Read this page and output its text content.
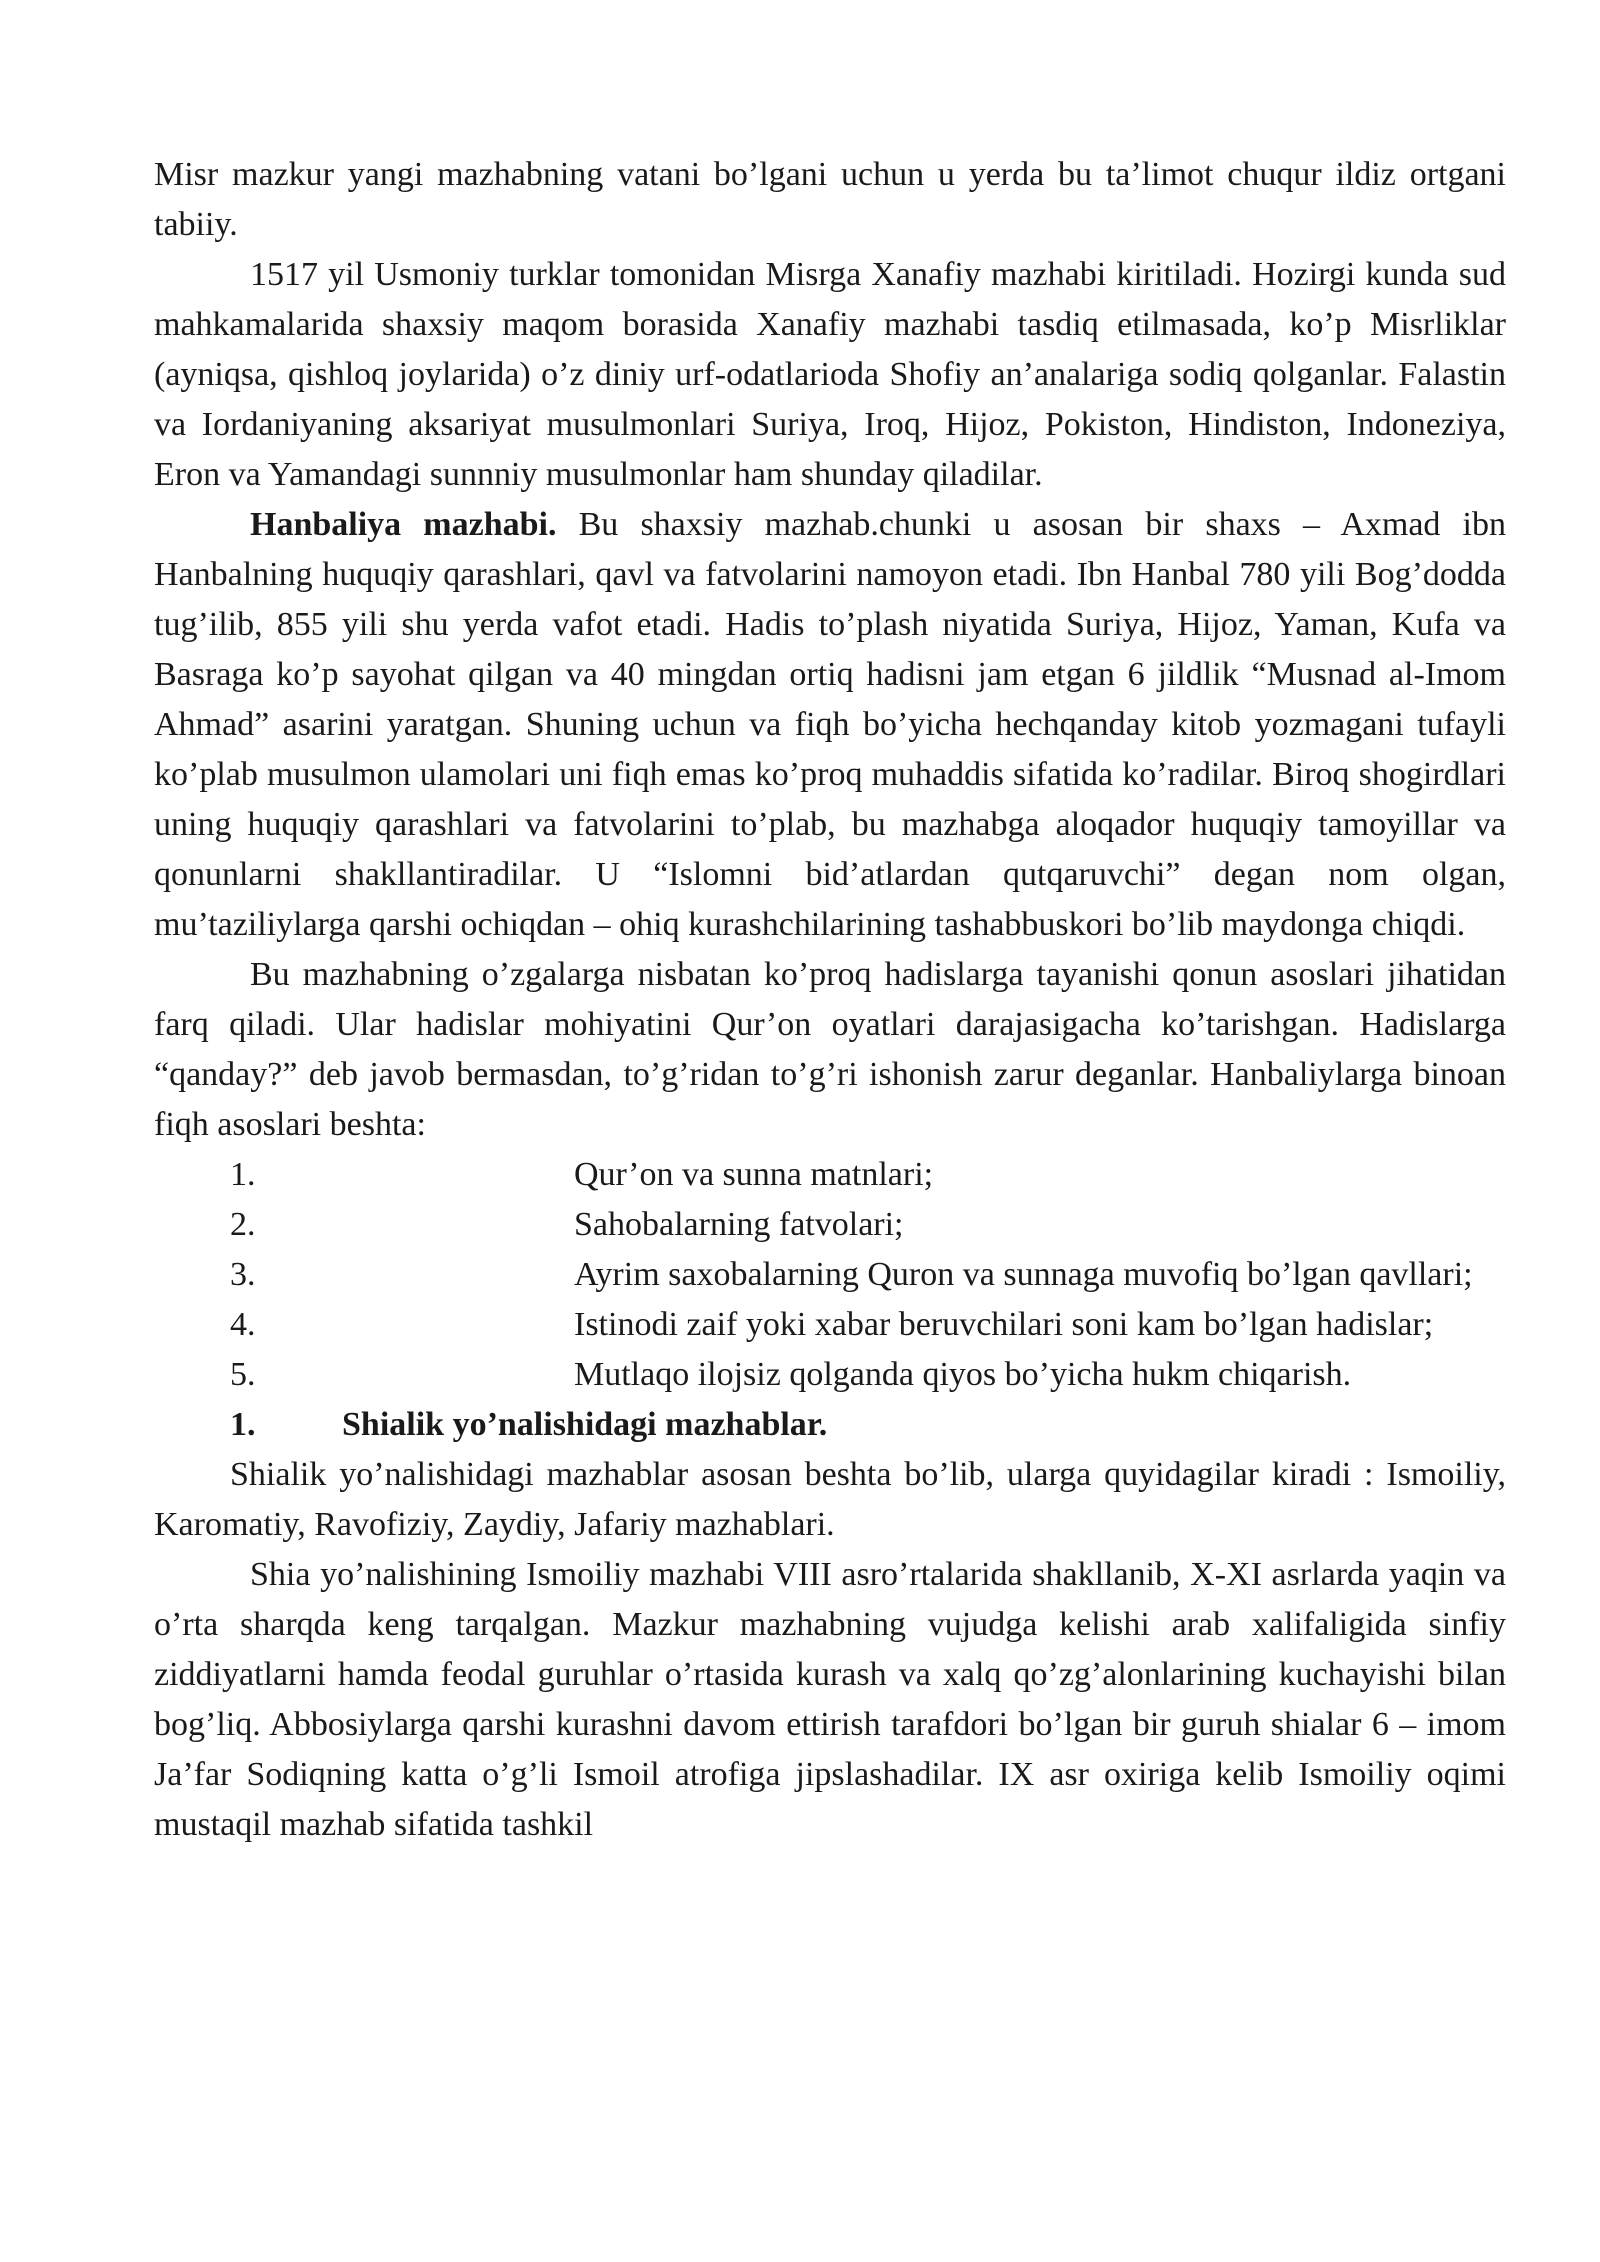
Misr mazkur yangi mazhabning vatani bo’lgani uchun u yerda bu ta’limot chuqur ildiz ortgani tabiiy.

1517 yil Usmoniy turklar tomonidan Misrga Xanafiy mazhabi kiritiladi. Hozirgi kunda sud mahkamalarida shaxsiy maqom borasida Xanafiy mazhabi tasdiq etilmasada, ko’p Misrliklar (ayniqsa, qishloq joylarida) o’z diniy urf-odatlarioda Shofiy an’analariga sodiq qolganlar. Falastin va Iordaniyaning aksariyat musulmonlari Suriya, Iroq, Hijoz, Pokiston, Hindiston, Indoneziya, Eron va Yamandagi sunnniy musulmonlar ham shunday qiladilar.

Hanbaliya mazhabi. Bu shaxsiy mazhab.chunki u asosan bir shaxs – Axmad ibn Hanbalning huquqiy qarashlari, qavl va fatvolarini namoyon etadi. Ibn Hanbal 780 yili Bog’dodda tug’ilib, 855 yili shu yerda vafot etadi. Hadis to’plash niyatida Suriya, Hijoz, Yaman, Kufa va Basraga ko’p sayohat qilgan va 40 mingdan ortiq hadisni jam etgan 6 jildlik “Musnad al-Imom Ahmad” asarini yaratgan. Shuning uchun va fiqh bo’yicha hechqanday kitob yozmagani tufayli ko’plab musulmon ulamolari uni fiqh emas ko’proq muhaddis sifatida ko’radilar. Biroq shogirdlari uning huquqiy qarashlari va fatvolarini to’plab, bu mazhabga aloqador huquqiy tamoyillar va qonunlarni shakllantiradilar. U “Islomni bid’atlardan qutqaruvchi” degan nom olgan, mu’taziliylarga qarshi ochiqdan – ohiq kurashchilarining tashabbuskori bo’lib maydonga chiqdi.

Bu mazhabning o’zgalarga nisbatan ko’proq hadislarga tayanishi qonun asoslari jihatidan farq qiladi. Ular hadislar mohiyatini Qur’on oyatlari darajasigacha ko’tarishgan. Hadislarga “qanday?” deb javob bermasdan, to’g’ridan to’g’ri ishonish zarur deganlar. Hanbaliylarga binoan fiqh asoslari beshta:

1.	Qur’on va sunna matnlari;

2.	Sahobalarning fatvolari;

3.	Ayrim saxobalarning Quron va sunnaga muvofiq bo’lgan qavllari;

4.	Istinodi zaif yoki xabar beruvchilari soni kam bo’lgan hadislar;

5.	Mutlaqo ilojsiz qolganda qiyos bo’yicha hukm chiqarish.

1.	Shialik yo’nalishidagi mazhablar.

Shialik yo’nalishidagi mazhablar asosan beshta bo’lib, ularga quyidagilar kiradi : Ismoiliy, Karomatiy, Ravofiziy, Zaydiy, Jafariy mazhablari.

Shia yo’nalishining Ismoiliy mazhabi VIII asro’rtalarida shakllanib, X-XI asrlarda yaqin va o’rta sharqda keng tarqalgan. Mazkur mazhabning vujudga kelishi arab xalifaligida sinfiy ziddiyatlarni hamda feodal guruhlar o’rtasida kurash va xalq qo’zg’alonlarining kuchayishi bilan bog’liq. Abbosiylarga qarshi kurashni davom ettirish tarafdori bo’lgan bir guruh shialar 6 – imom Ja’far Sodiqning katta o’g’li Ismoil atrofiga jipslashadilar. IX asr oxiriga kelib Ismoiliy oqimi mustaqil mazhab sifatida tashkil
